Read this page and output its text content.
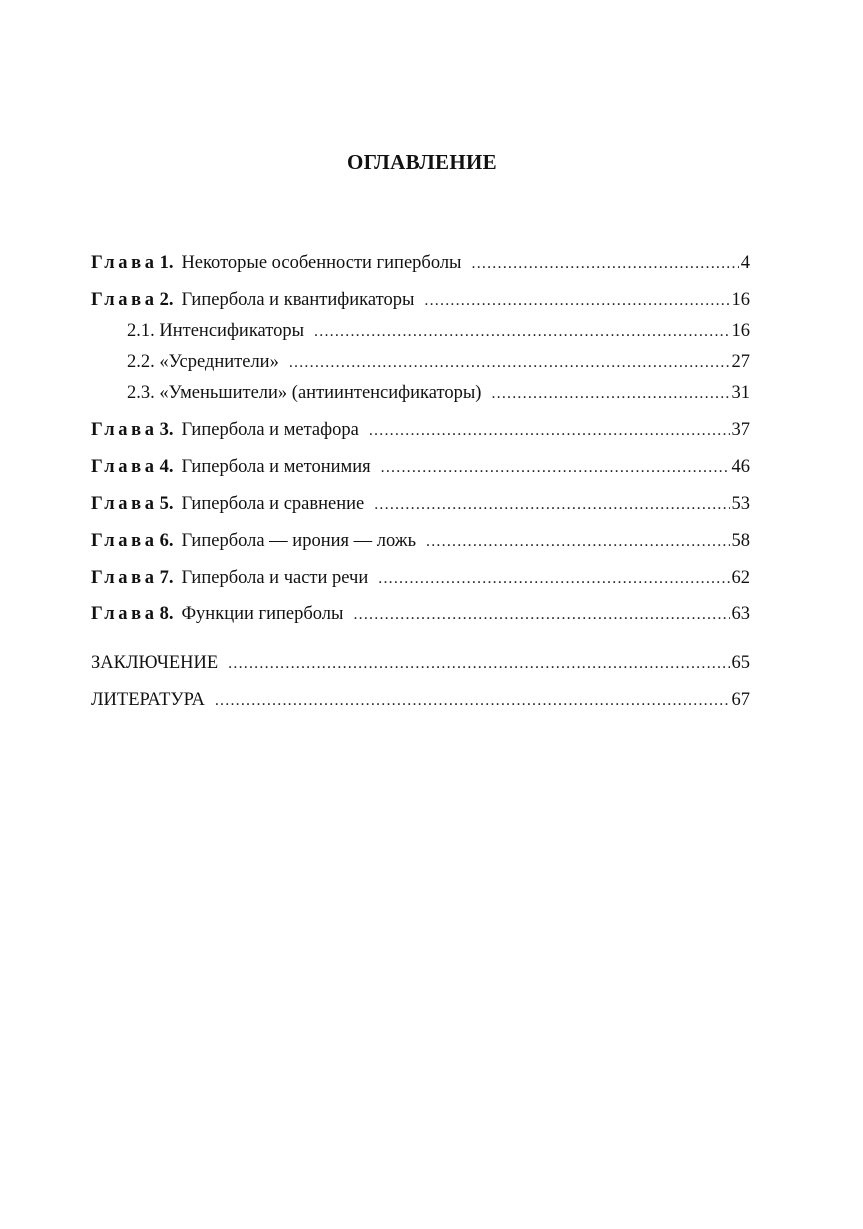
ОГЛАВЛЕНИЕ
Глава 1. Некоторые особенности гиперболы .....	4
Глава 2. Гипербола и квантификаторы .....	16
2.1. Интенсификаторы .....	16
2.2. «Усреднители» .....	27
2.3. «Уменьшители» (антиинтенсификаторы) .....	31
Глава 3. Гипербола и метафора .....	37
Глава 4. Гипербола и метонимия .....	46
Глава 5. Гипербола и сравнение .....	53
Глава 6. Гипербола — ирония — ложь .....	58
Глава 7. Гипербола и части речи .....	62
Глава 8. Функции гиперболы .....	63
ЗАКЛЮЧЕНИЕ .....	65
ЛИТЕРАТУРА .....	67
